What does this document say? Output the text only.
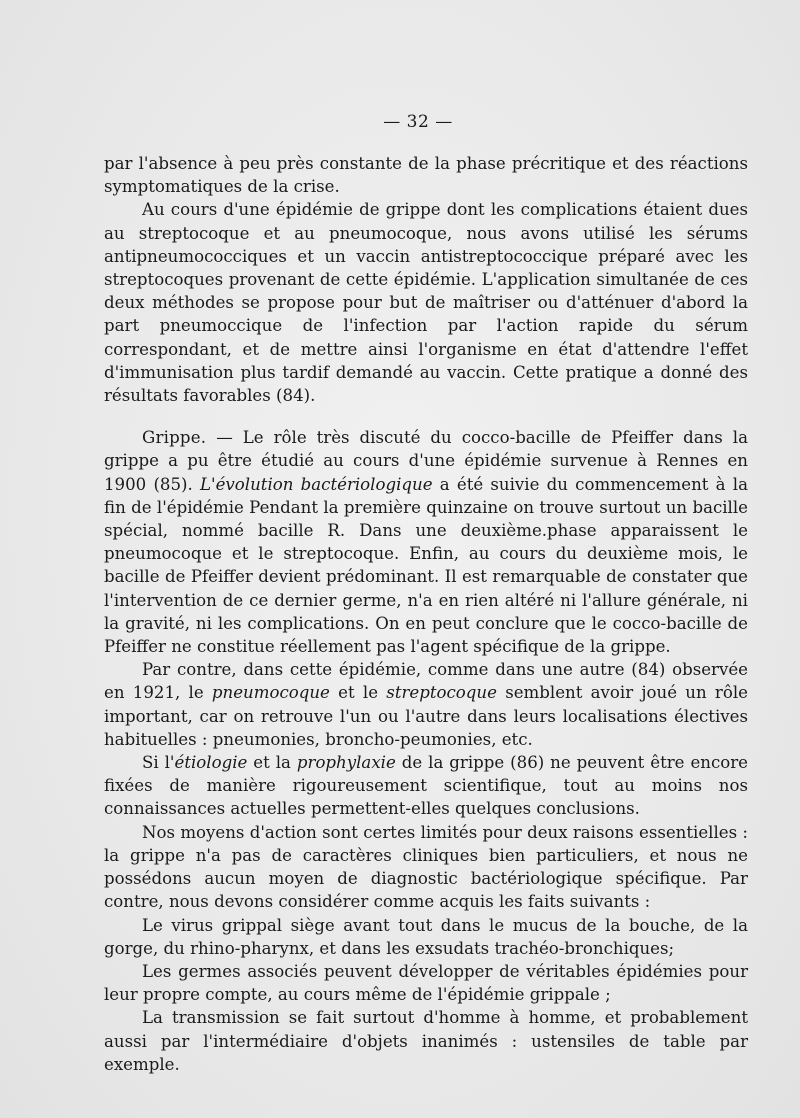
— 32 —

par l'absence à peu près constante de la phase précritique et des réactions symptomatiques de la crise.

Au cours d'une épidémie de grippe dont les complications étaient dues au streptocoque et au pneumocoque, nous avons utilisé les sérums antipneumococciques et un vaccin antistreptococcique préparé avec les streptocoques provenant de cette épidémie. L'application simultanée de ces deux méthodes se propose pour but de maîtriser ou d'atténuer d'abord la part pneumoccique de l'infection par l'action rapide du sérum correspondant, et de mettre ainsi l'organisme en état d'attendre l'effet d'immunisation plus tardif demandé au vaccin. Cette pratique a donné des résultats favorables (84).

Grippe. — Le rôle très discuté du cocco-bacille de Pfeiffer dans la grippe a pu être étudié au cours d'une épidémie survenue à Rennes en 1900 (85). L'évolution bactériologique a été suivie du commencement à la fin de l'épidémie Pendant la première quinzaine on trouve surtout un bacille spécial, nommé bacille R. Dans une deuxième.phase apparaissent le pneumocoque et le streptocoque. Enfin, au cours du deuxième mois, le bacille de Pfeiffer devient prédominant. Il est remarquable de constater que l'intervention de ce dernier germe, n'a en rien altéré ni l'allure générale, ni la gravité, ni les complications. On en peut conclure que le cocco-bacille de Pfeiffer ne constitue réellement pas l'agent spécifique de la grippe.

Par contre, dans cette épidémie, comme dans une autre (84) observée en 1921, le pneumocoque et le streptocoque semblent avoir joué un rôle important, car on retrouve l'un ou l'autre dans leurs localisations électives habituelles : pneumonies, broncho-peumonies, etc.

Si l'étiologie et la prophylaxie de la grippe (86) ne peuvent être encore fixées de manière rigoureusement scientifique, tout au moins nos connaissances actuelles permettent-elles quelques conclusions.

Nos moyens d'action sont certes limités pour deux raisons essentielles : la grippe n'a pas de caractères cliniques bien particuliers, et nous ne possédons aucun moyen de diagnostic bactériologique spécifique. Par contre, nous devons considérer comme acquis les faits suivants :

Le virus grippal siège avant tout dans le mucus de la bouche, de la gorge, du rhino-pharynx, et dans les exsudats trachéo-bronchiques;

Les germes associés peuvent développer de véritables épidémies pour leur propre compte, au cours même de l'épidémie grippale ;

La transmission se fait surtout d'homme à homme, et probablement aussi par l'intermédiaire d'objets inanimés : ustensiles de table par exemple.
